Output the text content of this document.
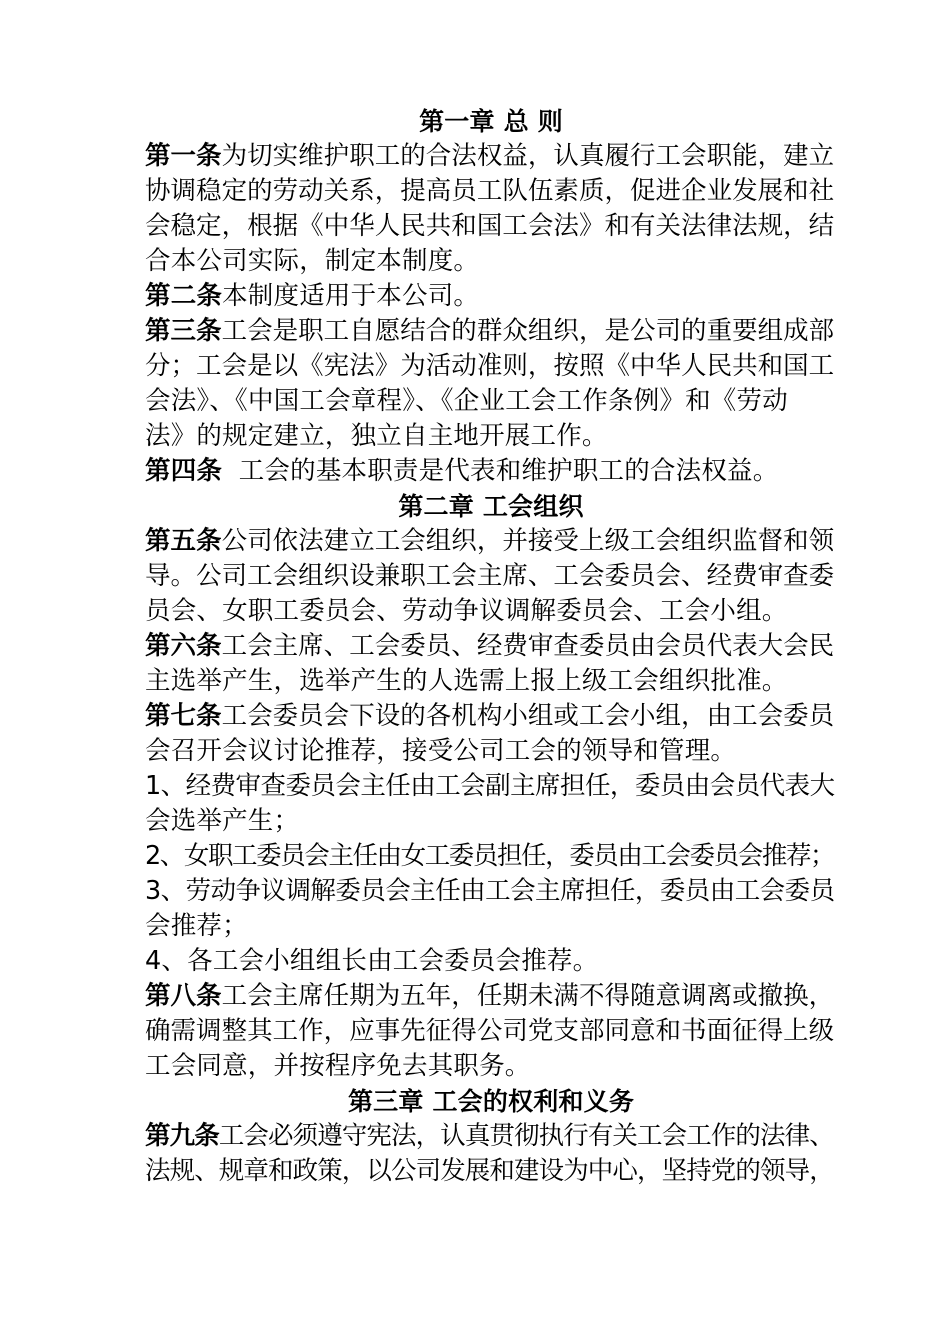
第一章 总 则
第一条为切实维护职工的合法权益，认真履行工会职能，建立
协调稳定的劳动关系，提高员工队伍素质，促进企业发展和社
会稳定，根据《中华人民共和国工会法》和有关法律法规，结
合本公司实际，制定本制度。
第二条本制度适用于本公司。
第三条工会是职工自愿结合的群众组织，是公司的重要组成部
分；工会是以《宪法》为活动准则，按照《中华人民共和国工
会法》、《中国工会章程》、《企业工会工作条例》和《劳动
法》的规定建立，独立自主地开展工作。
第四条  工会的基本职责是代表和维护职工的合法权益。
第二章 工会组织
第五条公司依法建立工会组织，并接受上级工会组织监督和领
导。公司工会组织设兼职工会主席、工会委员会、经费审查委
员会、女职工委员会、劳动争议调解委员会、工会小组。
第六条工会主席、工会委员、经费审查委员由会员代表大会民
主选举产生，选举产生的人选需上报上级工会组织批准。
第七条工会委员会下设的各机构小组或工会小组，由工会委员
会召开会议讨论推荐，接受公司工会的领导和管理。
1、经费审查委员会主任由工会副主席担任，委员由会员代表大
会选举产生；
2、女职工委员会主任由女工委员担任，委员由工会委员会推荐；
3、劳动争议调解委员会主任由工会主席担任，委员由工会委员
会推荐；
4、各工会小组组长由工会委员会推荐。
第八条工会主席任期为五年，任期未满不得随意调离或撤换，
确需调整其工作，应事先征得公司党支部同意和书面征得上级
工会同意，并按程序免去其职务。
第三章 工会的权利和义务
第九条工会必须遵守宪法，认真贯彻执行有关工会工作的法律、
法规、规章和政策，以公司发展和建设为中心，坚持党的领导，
